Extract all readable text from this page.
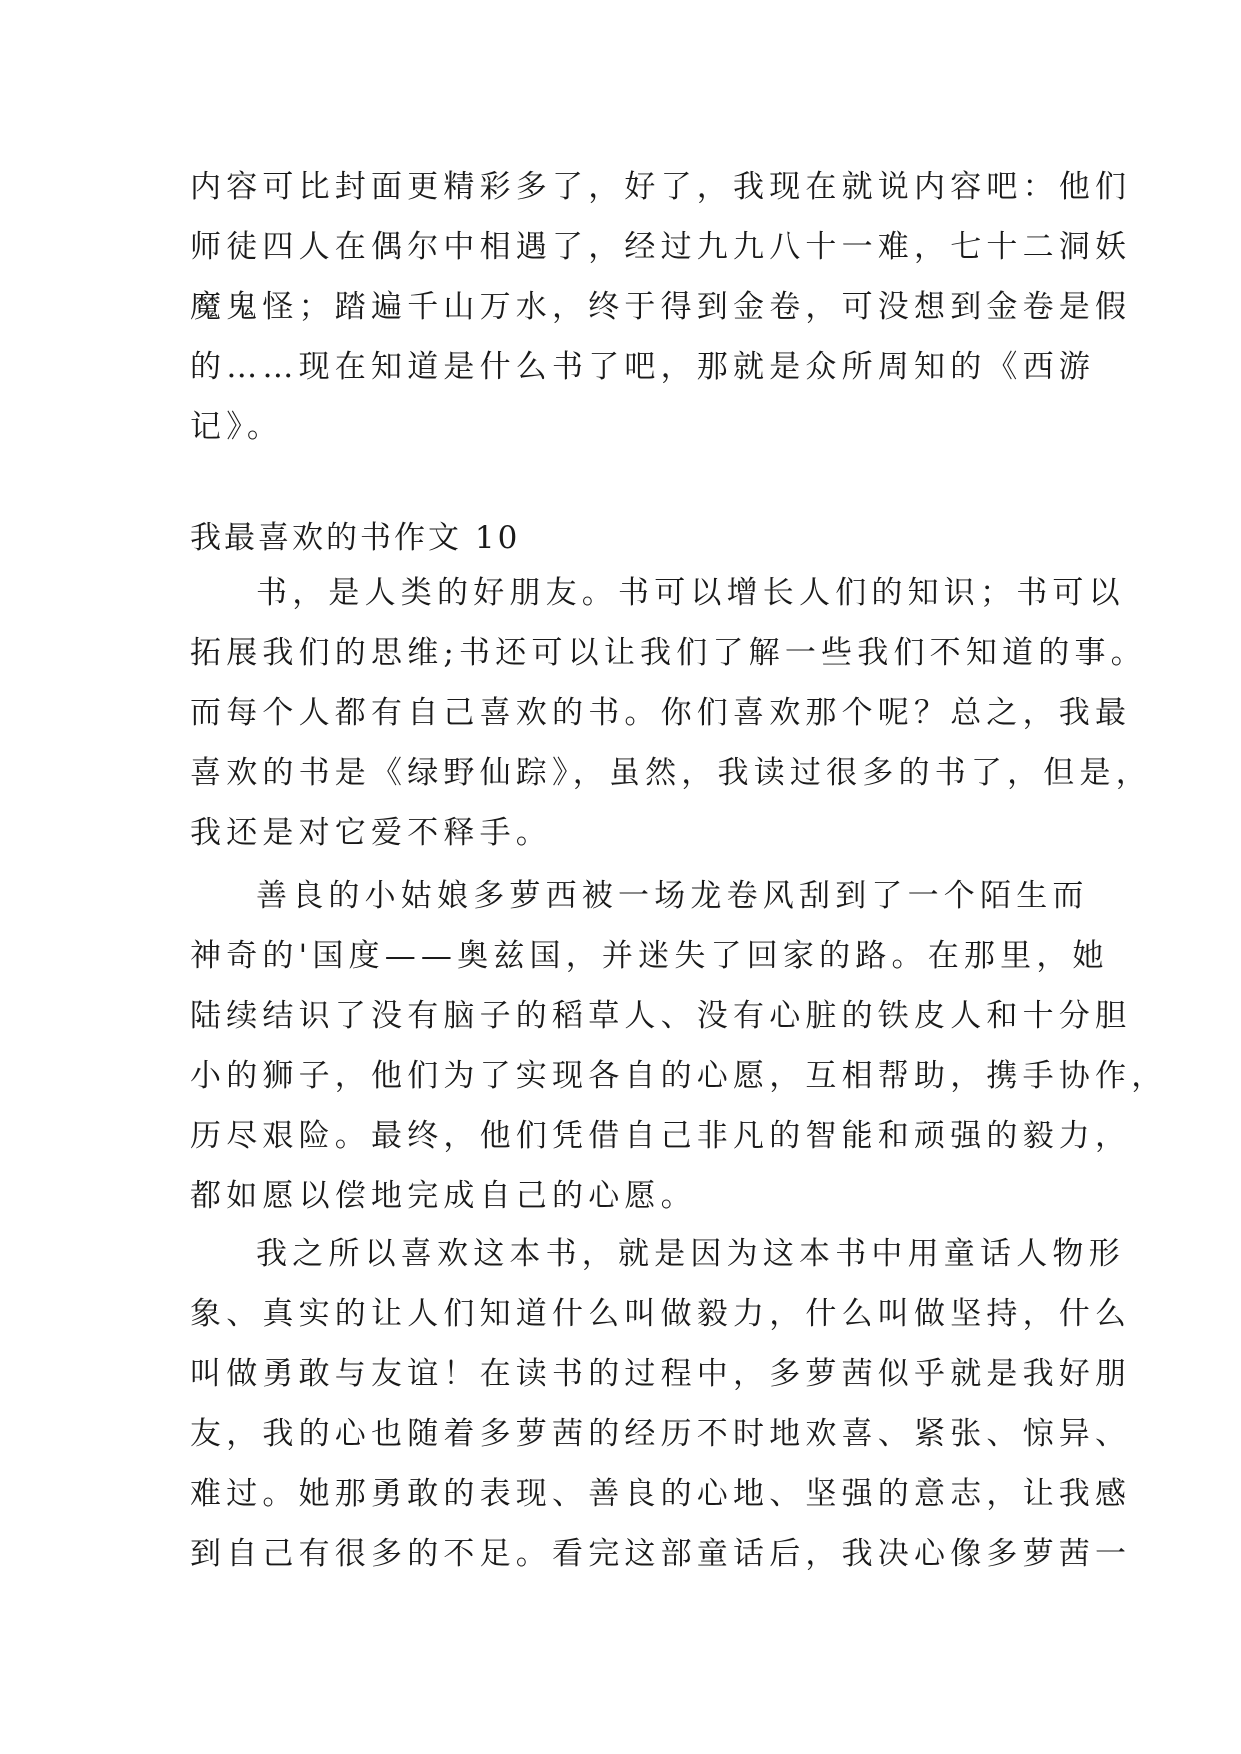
内容可比封面更精彩多了，好了，我现在就说内容吧：他们
师徒四人在偶尔中相遇了，经过九九八十一难，七十二洞妖
魔鬼怪；踏遍千山万水，终于得到金卷，可没想到金卷是假
的……现在知道是什么书了吧，那就是众所周知的《西游
记》。
我最喜欢的书作文 10
书，是人类的好朋友。书可以增长人们的知识；书可以
拓展我们的思维;书还可以让我们了解一些我们不知道的事。
而每个人都有自己喜欢的书。你们喜欢那个呢？总之，我最
喜欢的书是《绿野仙踪》，虽然，我读过很多的书了，但是，
我还是对它爱不释手。
善良的小姑娘多萝西被一场龙卷风刮到了一个陌生而
神奇的'国度——奥兹国，并迷失了回家的路。在那里，她
陆续结识了没有脑子的稻草人、没有心脏的铁皮人和十分胆
小的狮子，他们为了实现各自的心愿，互相帮助，携手协作，
历尽艰险。最终，他们凭借自己非凡的智能和顽强的毅力，
都如愿以偿地完成自己的心愿。
我之所以喜欢这本书，就是因为这本书中用童话人物形
象、真实的让人们知道什么叫做毅力，什么叫做坚持，什么
叫做勇敢与友谊！在读书的过程中，多萝茜似乎就是我好朋
友，我的心也随着多萝茜的经历不时地欢喜、紧张、惊异、
难过。她那勇敢的表现、善良的心地、坚强的意志，让我感
到自己有很多的不足。看完这部童话后，我决心像多萝茜一
